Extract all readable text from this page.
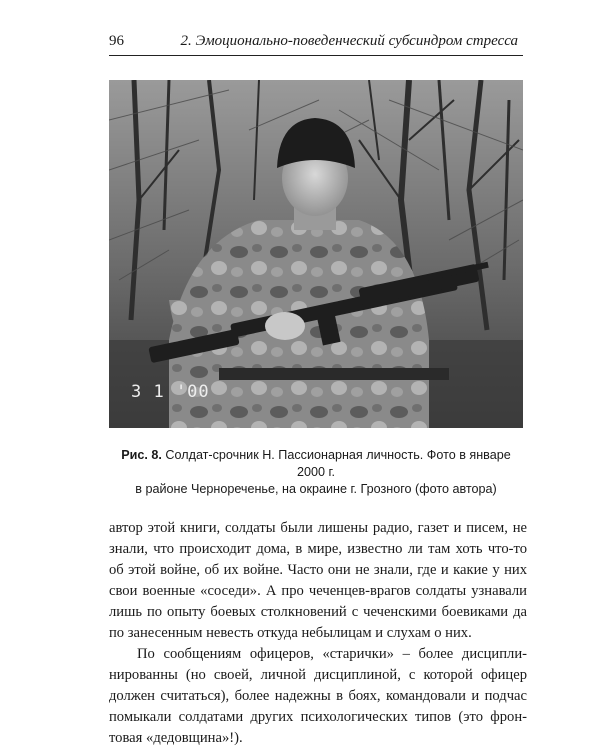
96	2. Эмоционально-поведенческий субсиндром стресса
3 1 '00
Рис. 8. Солдат-срочник Н. Пассионарная личность. Фото в январе 2000 г.
в районе Чернореченье, на окраине г. Грозного (фото автора)

автор этой книги, солдаты были лишены радио, газет и писем, не
знали, что происходит дома, в мире, известно ли там хоть что-то
об этой войне, об их войне. Часто они не знали, где и какие у них
свои военные «соседи». А про чеченцев-врагов солдаты узнавали
лишь по опыту боевых столкновений с чеченскими боевиками да
по занесенным невесть откуда небылицам и слухам о них.

По сообщениям офицеров, «старички» – более дисципли-
нированны (но своей, личной дисциплиной, с которой офицер
должен считаться), более надежны в боях, командовали и подчас
помыкали солдатами других психологических типов (это фрон-
товая «дедовщина»!).
